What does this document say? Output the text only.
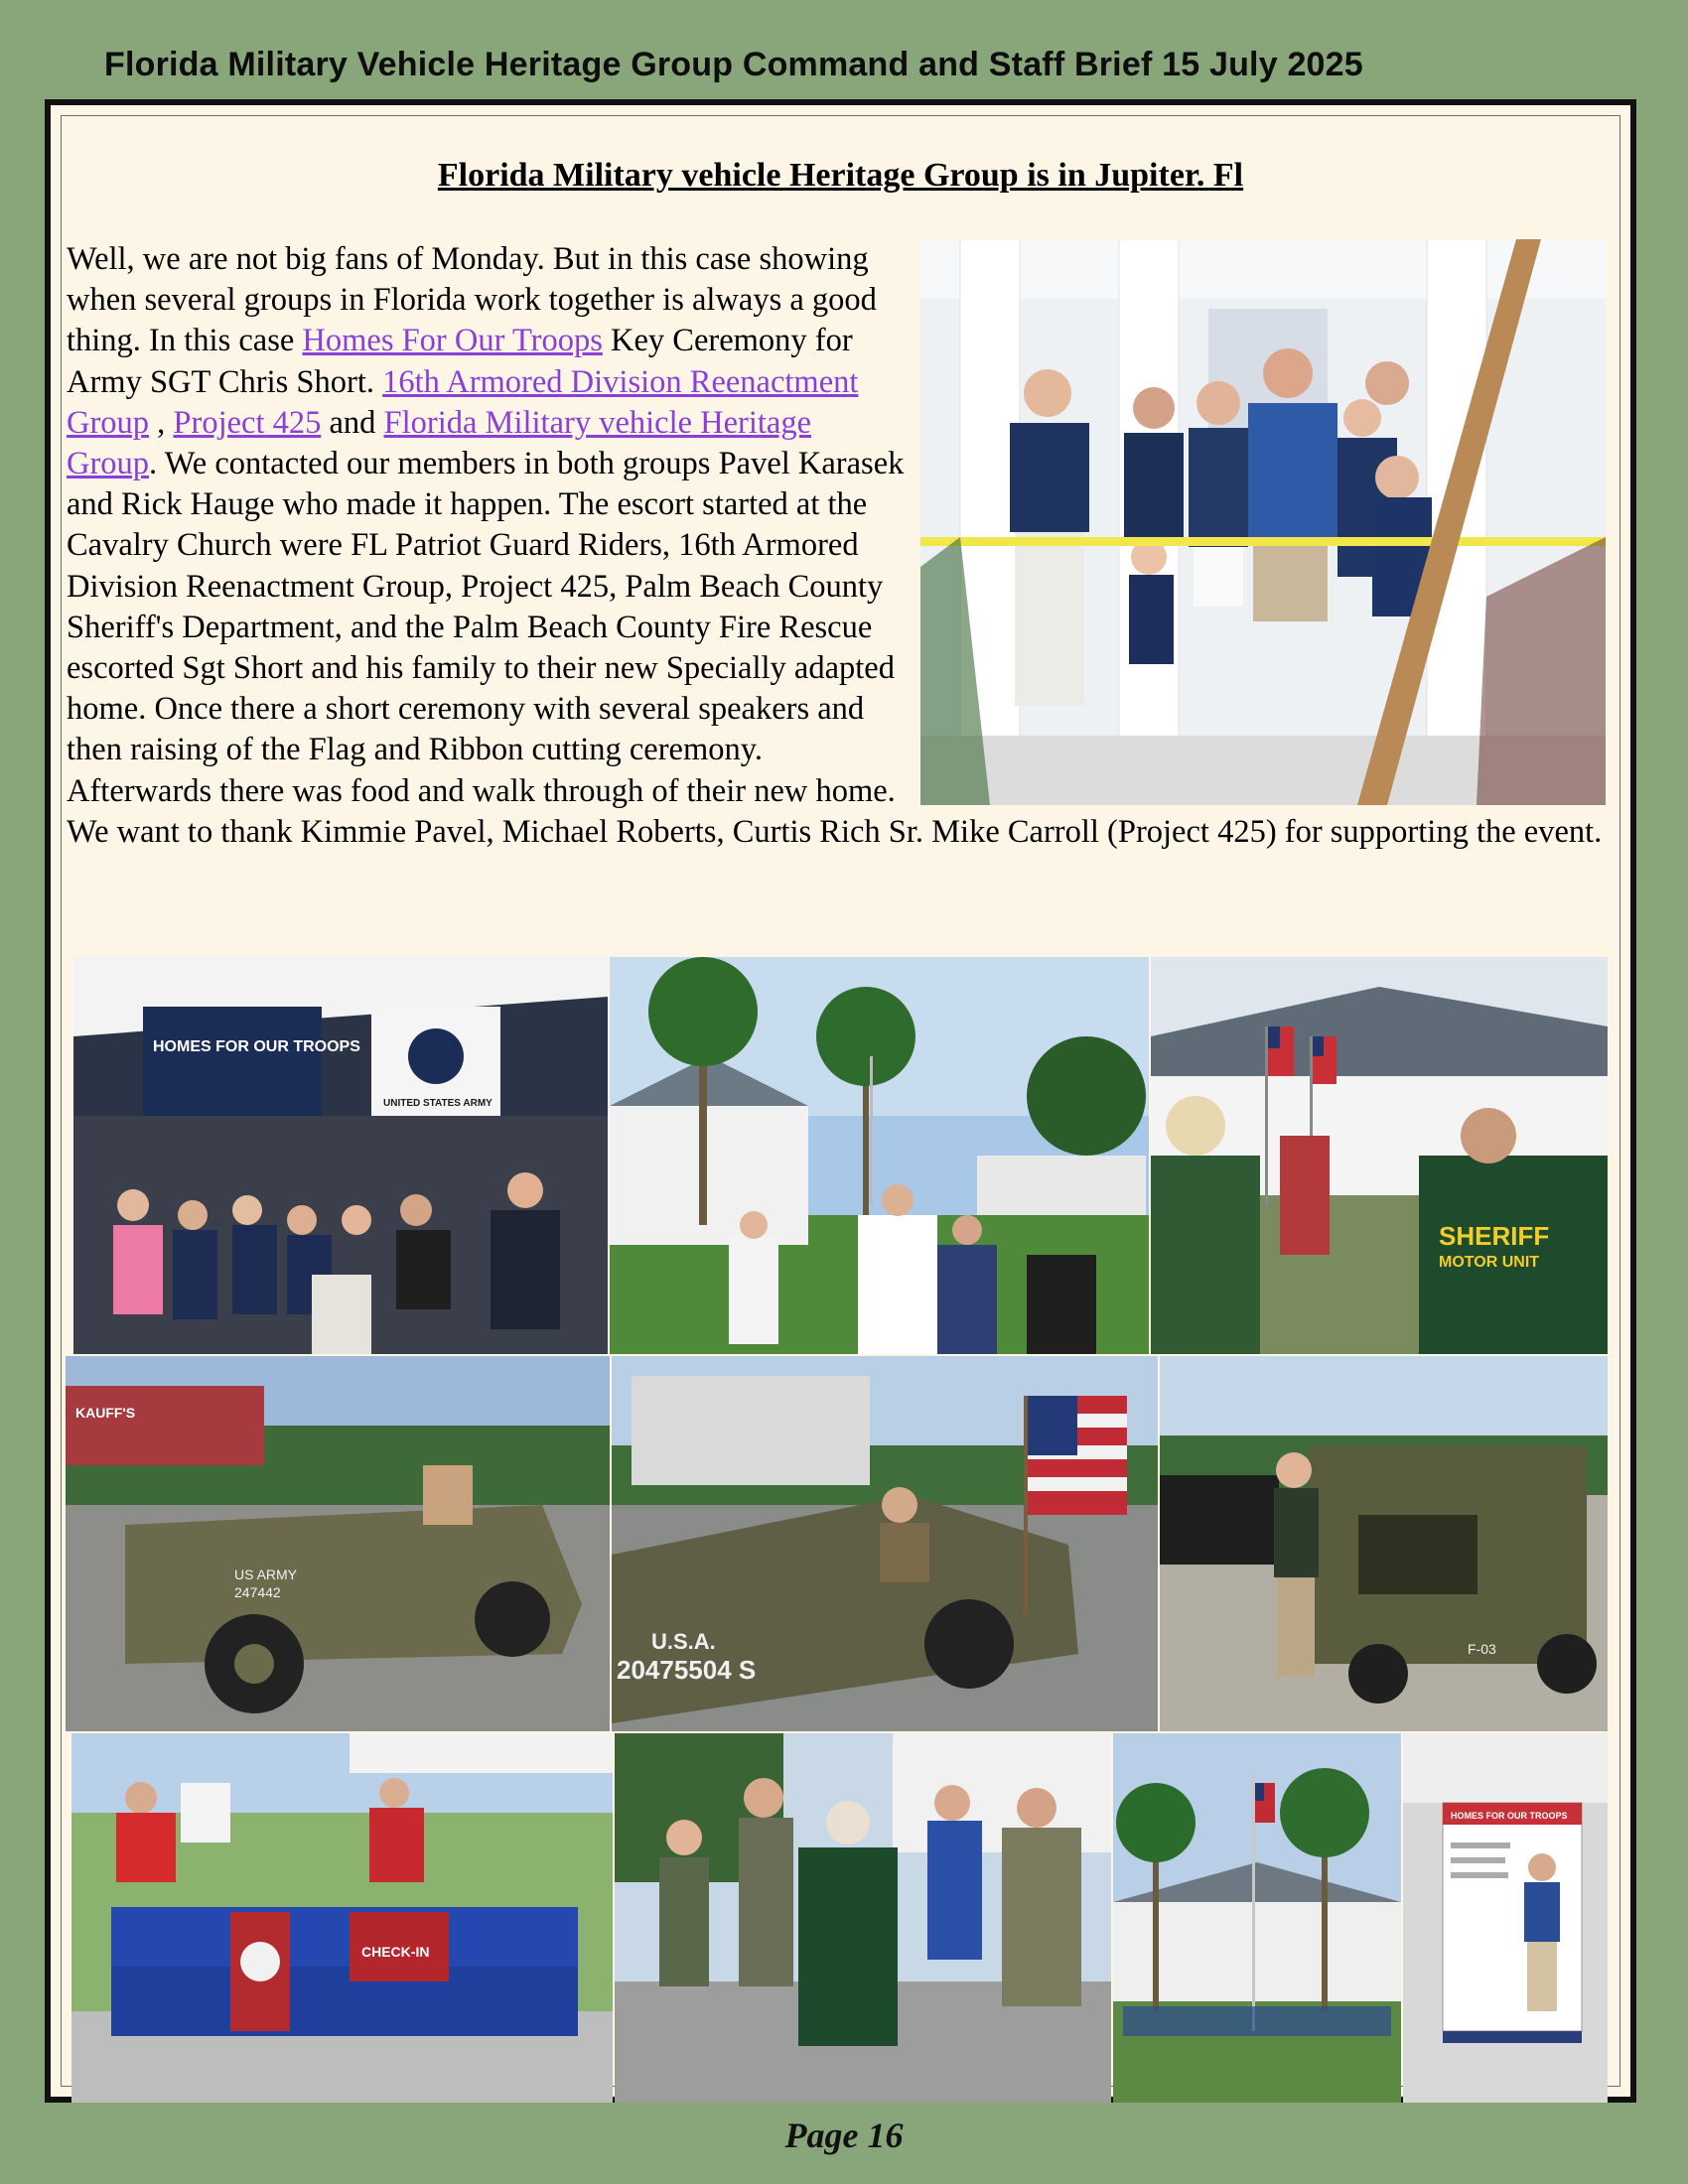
Florida Military Vehicle Heritage Group Command and Staff Brief 15 July 2025
Florida Military vehicle Heritage Group is in Jupiter. Fl

Well, we are not big fans of Monday. But in this case showing when several groups in Florida work together is always a good thing. In this case Homes For Our Troops Key Ceremony for Army SGT Chris Short. 16th Armored Division Reenactment Group , Project 425 and Florida Military vehicle Heritage Group. We contacted our members in both groups Pavel Karasek and Rick Hauge who made it happen. The escort started at the Cavalry Church were FL Patriot Guard Riders, 16th Armored Division Reenactment Group, Project 425, Palm Beach County Sheriff's Department, and the Palm Beach County Fire Rescue escorted Sgt Short and his family to their new Specially adapted home. Once there a short ceremony with several speakers and then raising of the Flag and Ribbon cutting ceremony. Afterwards there was food and walk through of their new home. We want to thank Kimmie Pavel, Michael Roberts, Curtis Rich Sr. Mike Carroll (Project 425) for supporting the event.

HOMES FOR OUR TROOPS
UNITED STATES ARMY
SHERIFF
MOTOR UNIT
KAUFF'S
US ARMY
247442
U.S.A.
20475504 S
F-03
CHECK-IN
HOMES FOR OUR TROOPS
Page 16
